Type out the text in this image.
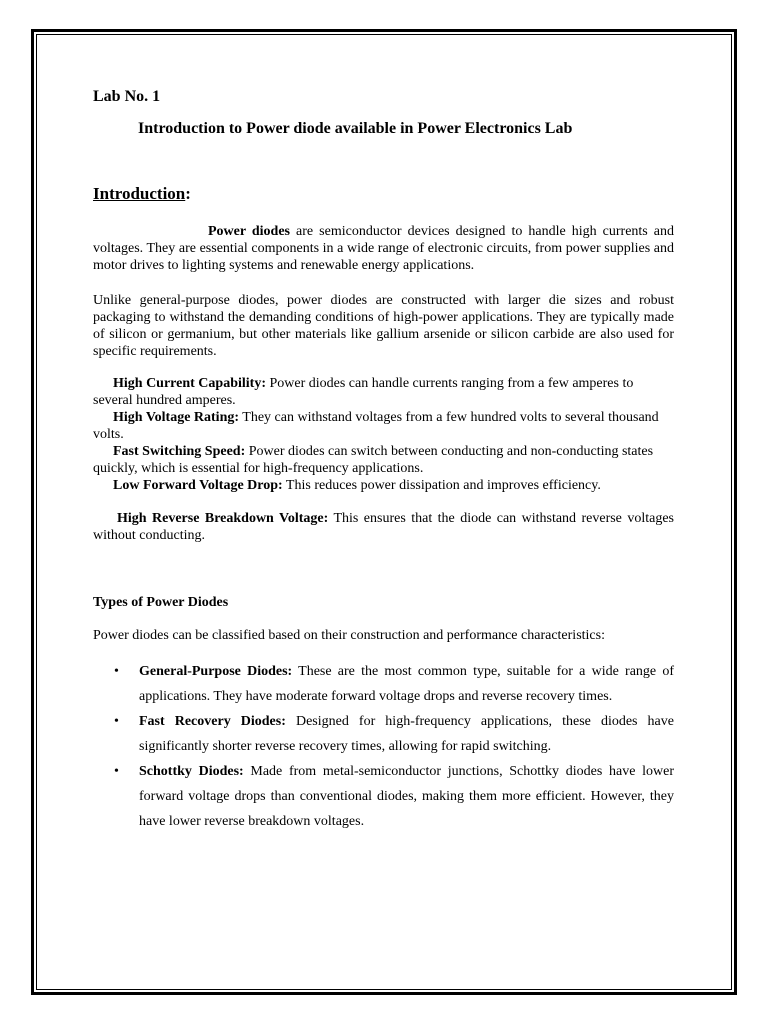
Lab No. 1

Introduction to Power diode available in Power Electronics Lab

Introduction:

Power diodes are semiconductor devices designed to handle high currents and voltages. They are essential components in a wide range of electronic circuits, from power supplies and motor drives to lighting systems and renewable energy applications.

Unlike general-purpose diodes, power diodes are constructed with larger die sizes and robust packaging to withstand the demanding conditions of high-power applications. They are typically made of silicon or germanium, but other materials like gallium arsenide or silicon carbide are also used for specific requirements.

High Current Capability: Power diodes can handle currents ranging from a few amperes to several hundred amperes.

High Voltage Rating: They can withstand voltages from a few hundred volts to several thousand volts.

Fast Switching Speed: Power diodes can switch between conducting and non-conducting states quickly, which is essential for high-frequency applications.

Low Forward Voltage Drop: This reduces power dissipation and improves efficiency.

High Reverse Breakdown Voltage: This ensures that the diode can withstand reverse voltages without conducting.

Types of Power Diodes

Power diodes can be classified based on their construction and performance characteristics:

• General-Purpose Diodes: These are the most common type, suitable for a wide range of applications. They have moderate forward voltage drops and reverse recovery times.
• Fast Recovery Diodes: Designed for high-frequency applications, these diodes have significantly shorter reverse recovery times, allowing for rapid switching.
• Schottky Diodes: Made from metal-semiconductor junctions, Schottky diodes have lower forward voltage drops than conventional diodes, making them more efficient. However, they have lower reverse breakdown voltages.
